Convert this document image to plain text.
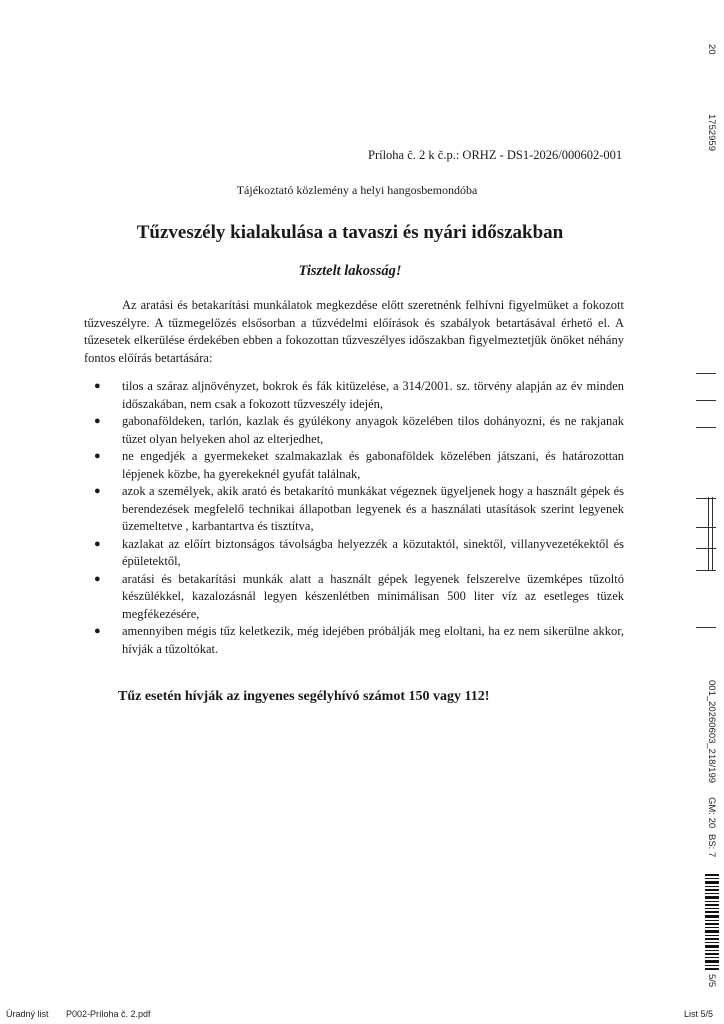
Príloha č. 2 k č.p.: ORHZ - DS1-2026/000602-001
Tájékoztató közlemény a helyi hangosbemondóba
Tűzveszély kialakulása a tavaszi és nyári időszakban
Tisztelt lakosság!

Az aratási és betakarítási munkálatok megkezdése előtt szeretnénk felhívni figyelmüket a fokozott tűzveszélyre. A tűzmegelőzés elsősorban a tűzvédelmi előírások és szabályok betartásával érhető el. A tűzesetek elkerülése érdekében ebben a fokozottan tűzveszélyes időszakban figyelmeztetjük önöket néhány fontos előírás betartására:

● tilos a száraz aljnövényzet, bokrok és fák kitüzelése, a 314/2001. sz. törvény alapján az év minden időszakában, nem csak a fokozott tűzveszély idején,
● gabonaföldeken, tarlón, kazlak és gyúlékony anyagok közelében tilos dohányozni, és ne rakjanak tüzet olyan helyeken ahol az elterjedhet,
● ne engedjék a gyermekeket szalmakazlak és gabonaföldek közelében játszani, és határozottan lépjenek közbe, ha gyerekeknél gyufát találnak,
● azok a személyek, akik arató és betakarító munkákat végeznek ügyeljenek hogy a használt gépek és berendezések megfelelő technikai állapotban legyenek és a használati utasítások szerint legyenek üzemeltetve , karbantartva és tisztítva,
● kazlakat az előírt biztonságos távolságba helyezzék a közutaktól, sinektől, villanyvezetékektől és épületektől,
● aratási és betakarítási munkák alatt a használt gépek legyenek felszerelve üzemképes tűzoltó készülékkel, kazalozásnál legyen készenlétben minimálisan 500 liter víz az esetleges tüzek megfékezésére,
● amennyiben mégis tűz keletkezik, még idejében próbálják meg eloltani, ha ez nem sikerülne akkor, hívják a tűzoltókat.
Tűz esetén hívják az ingyenes segélyhívó számot 150 vagy 112!
20
1752959
001_20260603_218/199
GM: 20
BS: 7
5/5
Úradný list P002-Príloha č. 2.pdf	List 5/5
